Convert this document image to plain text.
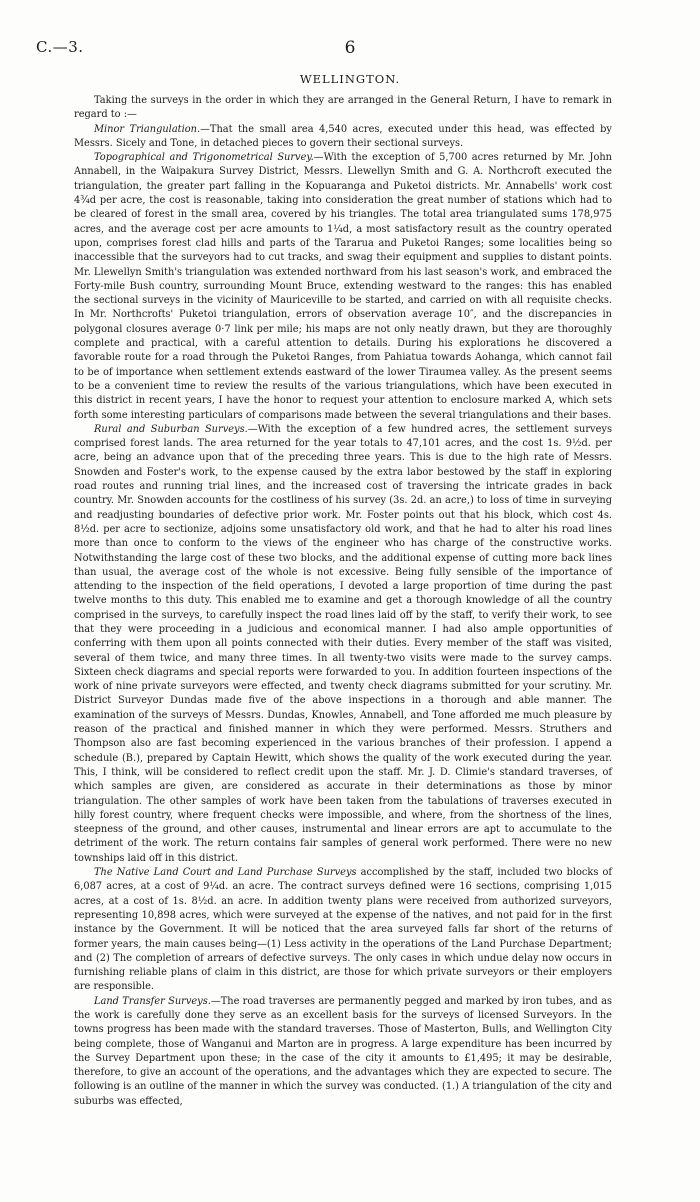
C.—3.	6
WELLINGTON.

Taking the surveys in the order in which they are arranged in the General Return, I have to remark in regard to :—

Minor Triangulation.—That the small area 4,540 acres, executed under this head, was effected by Messrs. Sicely and Tone, in detached pieces to govern their sectional surveys.

Topographical and Trigonometrical Survey.—With the exception of 5,700 acres returned by Mr. John Annabell, in the Waipakura Survey District, Messrs. Llewellyn Smith and G. A. Northcroft executed the triangulation, the greater part falling in the Kopuaranga and Puketoi districts. Mr. Annabells' work cost 4¾d per acre, the cost is reasonable, taking into consideration the great number of stations which had to be cleared of forest in the small area, covered by his triangles. The total area triangulated sums 178,975 acres, and the average cost per acre amounts to 1¼d, a most satisfactory result as the country operated upon, comprises forest clad hills and parts of the Tararua and Puketoi Ranges; some localities being so inaccessible that the surveyors had to cut tracks, and swag their equipment and supplies to distant points. Mr. Llewellyn Smith's triangulation was extended northward from his last season's work, and embraced the Forty-mile Bush country, surrounding Mount Bruce, extending westward to the ranges: this has enabled the sectional surveys in the vicinity of Mauriceville to be started, and carried on with all requisite checks. In Mr. Northcrofts' Puketoi triangulation, errors of observation average 10″, and the discrepancies in polygonal closures average 0·7 link per mile; his maps are not only neatly drawn, but they are thoroughly complete and practical, with a careful attention to details. During his explorations he discovered a favorable route for a road through the Puketoi Ranges, from Pahiatua towards Aohanga, which cannot fail to be of importance when settlement extends eastward of the lower Tiraumea valley. As the present seems to be a convenient time to review the results of the various triangulations, which have been executed in this district in recent years, I have the honor to request your attention to enclosure marked A, which sets forth some interesting particulars of comparisons made between the several triangulations and their bases.

Rural and Suburban Surveys.—With the exception of a few hundred acres, the settlement surveys comprised forest lands. The area returned for the year totals to 47,101 acres, and the cost 1s. 9½d. per acre, being an advance upon that of the preceding three years. This is due to the high rate of Messrs. Snowden and Foster's work, to the expense caused by the extra labor bestowed by the staff in exploring road routes and running trial lines, and the increased cost of traversing the intricate grades in back country. Mr. Snowden accounts for the costliness of his survey (3s. 2d. an acre,) to loss of time in surveying and readjusting boundaries of defective prior work. Mr. Foster points out that his block, which cost 4s. 8½d. per acre to sectionize, adjoins some unsatisfactory old work, and that he had to alter his road lines more than once to conform to the views of the engineer who has charge of the constructive works. Notwithstanding the large cost of these two blocks, and the additional expense of cutting more back lines than usual, the average cost of the whole is not excessive. Being fully sensible of the importance of attending to the inspection of the field operations, I devoted a large proportion of time during the past twelve months to this duty. This enabled me to examine and get a thorough knowledge of all the country comprised in the surveys, to carefully inspect the road lines laid off by the staff, to verify their work, to see that they were proceeding in a judicious and economical manner. I had also ample opportunities of conferring with them upon all points connected with their duties. Every member of the staff was visited, several of them twice, and many three times. In all twenty-two visits were made to the survey camps. Sixteen check diagrams and special reports were forwarded to you. In addition fourteen inspections of the work of nine private surveyors were effected, and twenty check diagrams submitted for your scrutiny. Mr. District Surveyor Dundas made five of the above inspections in a thorough and able manner. The examination of the surveys of Messrs. Dundas, Knowles, Annabell, and Tone afforded me much pleasure by reason of the practical and finished manner in which they were performed. Messrs. Struthers and Thompson also are fast becoming experienced in the various branches of their profession. I append a schedule (B.), prepared by Captain Hewitt, which shows the quality of the work executed during the year. This, I think, will be considered to reflect credit upon the staff. Mr. J. D. Climie's standard traverses, of which samples are given, are considered as accurate in their determinations as those by minor triangulation. The other samples of work have been taken from the tabulations of traverses executed in hilly forest country, where frequent checks were impossible, and where, from the shortness of the lines, steepness of the ground, and other causes, instrumental and linear errors are apt to accumulate to the detriment of the work. The return contains fair samples of general work performed. There were no new townships laid off in this district.

The Native Land Court and Land Purchase Surveys accomplished by the staff, included two blocks of 6,087 acres, at a cost of 9¼d. an acre. The contract surveys defined were 16 sections, comprising 1,015 acres, at a cost of 1s. 8½d. an acre. In addition twenty plans were received from authorized surveyors, representing 10,898 acres, which were surveyed at the expense of the natives, and not paid for in the first instance by the Government. It will be noticed that the area surveyed falls far short of the returns of former years, the main causes being—(1) Less activity in the operations of the Land Purchase Department; and (2) The completion of arrears of defective surveys. The only cases in which undue delay now occurs in furnishing reliable plans of claim in this district, are those for which private surveyors or their employers are responsible.

Land Transfer Surveys.—The road traverses are permanently pegged and marked by iron tubes, and as the work is carefully done they serve as an excellent basis for the surveys of licensed Surveyors. In the towns progress has been made with the standard traverses. Those of Masterton, Bulls, and Wellington City being complete, those of Wanganui and Marton are in progress. A large expenditure has been incurred by the Survey Department upon these; in the case of the city it amounts to £1,495; it may be desirable, therefore, to give an account of the operations, and the advantages which they are expected to secure. The following is an outline of the manner in which the survey was conducted. (1.) A triangulation of the city and suburbs was effected,
